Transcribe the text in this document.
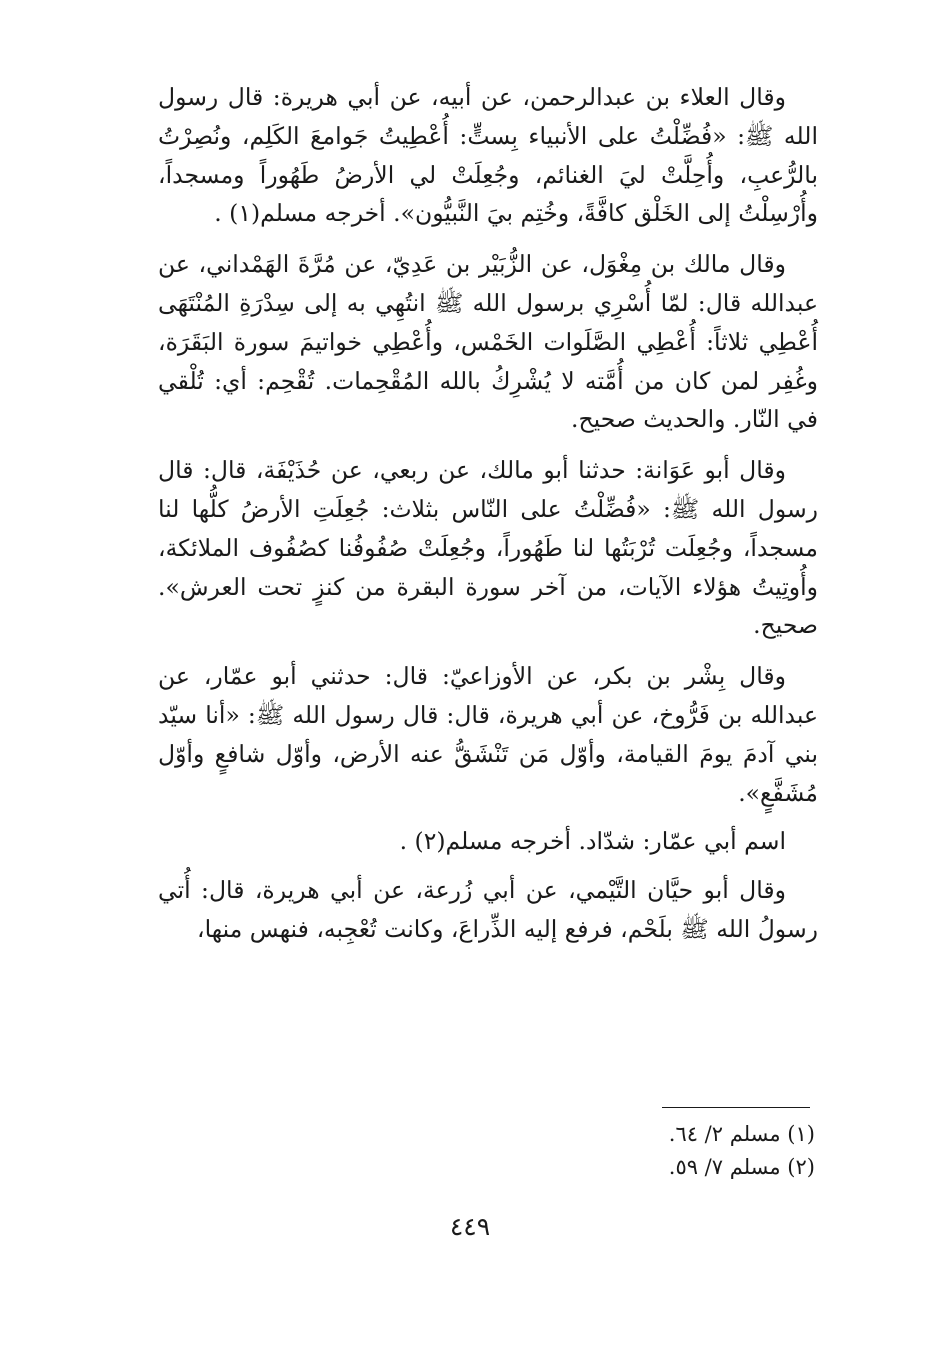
وقال العلاء بن عبدالرحمن، عن أبيه، عن أبي هريرة: قال رسول الله ﷺ: «فُضِّلْتُ على الأنبياء بِستٍّ: أُعْطِيتُ جَوامعَ الكَلِم، ونُصِرْتُ بالرُّعبِ، وأُحِلَّتْ ليَ الغنائم، وجُعِلَتْ لي الأرضُ طَهُوراً ومسجداً، وأُرْسِلْتُ إلى الخَلْق كافَّةً، وخُتِم بيَ النَّبيُّون». أخرجه مسلم(١) .

وقال مالك بن مِغْوَل، عن الزُّبَيْر بن عَدِيّ، عن مُرَّةَ الهَمْداني، عن عبدالله قال: لمّا أُسْرِي برسول الله ﷺ انتُهِي به إلى سِدْرَةِ المُنْتَهَى أُعْطِي ثلاثاً: أُعْطِي الصَّلَوات الخَمْس، وأُعْطِي خواتيمَ سورة البَقَرَة، وغُفِر لمن كان من أُمَّته لا يُشْرِكُ بالله المُقْحِمات. تُقْحِم: أي: تُلْقي في النّار. والحديث صحيح.

وقال أبو عَوَانة: حدثنا أبو مالك، عن ربعي، عن حُذَيْفَة، قال: قال رسول الله ﷺ: «فُضِّلْتُ على النّاس بثلاث: جُعِلَتِ الأرضُ كلُّها لنا مسجداً، وجُعِلَت تُرْبَتُها لنا طَهُوراً، وجُعِلَتْ صُفُوفُنا كصُفُوف الملائكة، وأُوتِيتُ هؤلاء الآيات، من آخر سورة البقرة من كنزٍ تحت العرش». صحيح.

وقال بِشْر بن بكر، عن الأوزاعيّ: قال: حدثني أبو عمّار، عن عبدالله بن فَرُّوخ، عن أبي هريرة، قال: قال رسول الله ﷺ: «أنا سيّد بني آدمَ يومَ القيامة، وأوّل مَن تَنْشَقُّ عنه الأرض، وأوّل شافعٍ وأوّل مُشَفَّعٍ».

اسم أبي عمّار: شدّاد. أخرجه مسلم(٢) .

وقال أبو حيَّان التَّيْمي، عن أبي زُرعة، عن أبي هريرة، قال: أُتي رسولُ الله ﷺ بلَحْم، فرفع إليه الذِّراعَ، وكانت تُعْجِبه، فنهس منها،

(١) مسلم ٢/ ٦٤.
(٢) مسلم ٧/ ٥٩.
٤٤٩
